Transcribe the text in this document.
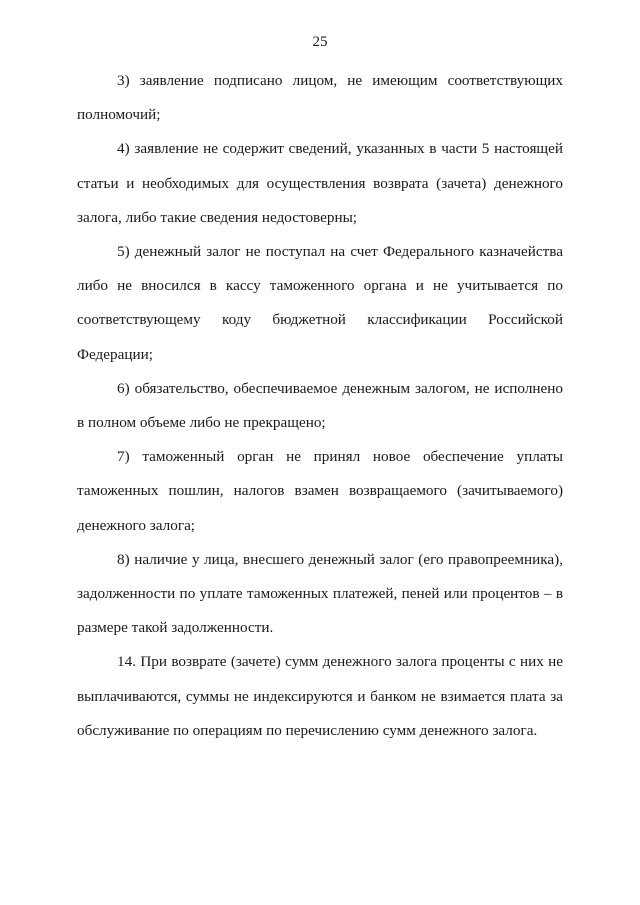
25

3) заявление подписано лицом, не имеющим соответствующих полномочий;

4) заявление не содержит сведений, указанных в части 5 настоящей статьи и необходимых для осуществления возврата (зачета) денежного залога, либо такие сведения недостоверны;

5) денежный залог не поступал на счет Федерального казначейства либо не вносился в кассу таможенного органа и не учитывается по соответствующему коду бюджетной классификации Российской Федерации;

6) обязательство, обеспечиваемое денежным залогом, не исполнено в полном объеме либо не прекращено;

7) таможенный орган не принял новое обеспечение уплаты таможенных пошлин, налогов взамен возвращаемого (зачитываемого) денежного залога;

8) наличие у лица, внесшего денежный залог (его правопреемника), задолженности по уплате таможенных платежей, пеней или процентов – в размере такой задолженности.

14. При возврате (зачете) сумм денежного залога проценты с них не выплачиваются, суммы не индексируются и банком не взимается плата за обслуживание по операциям по перечислению сумм денежного залога.
